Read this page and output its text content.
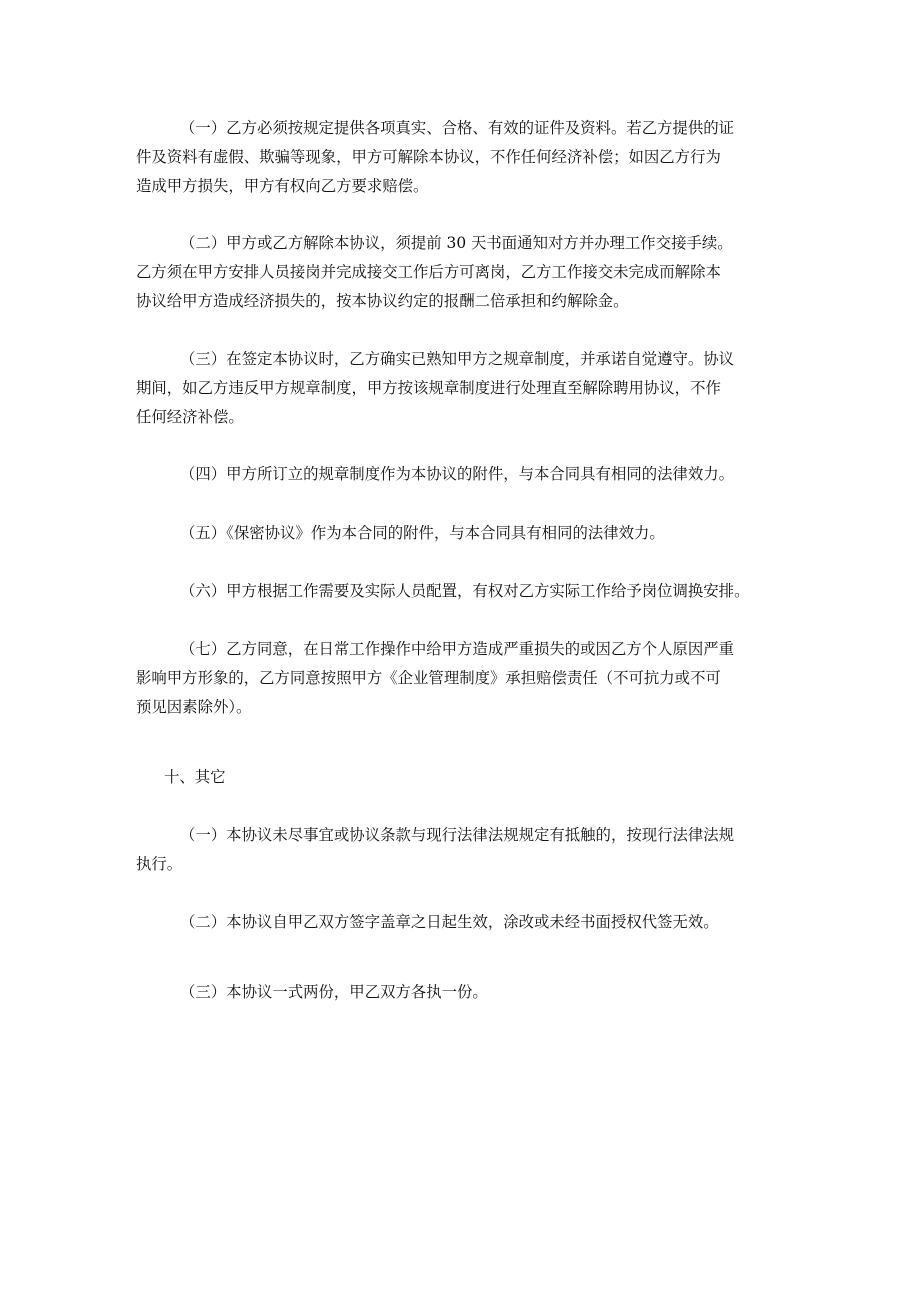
（一）乙方必须按规定提供各项真实、合格、有效的证件及资料。若乙方提供的证
件及资料有虚假、欺骗等现象，甲方可解除本协议，不作任何经济补偿；如因乙方行为
造成甲方损失，甲方有权向乙方要求赔偿。

（二）甲方或乙方解除本协议，须提前 30 天书面通知对方并办理工作交接手续。
乙方须在甲方安排人员接岗并完成接交工作后方可离岗，乙方工作接交未完成而解除本
协议给甲方造成经济损失的，按本协议约定的报酬二倍承担和约解除金。

（三）在签定本协议时，乙方确实已熟知甲方之规章制度，并承诺自觉遵守。协议
期间，如乙方违反甲方规章制度，甲方按该规章制度进行处理直至解除聘用协议，不作
任何经济补偿。

（四）甲方所订立的规章制度作为本协议的附件，与本合同具有相同的法律效力。

（五）《保密协议》作为本合同的附件，与本合同具有相同的法律效力。

（六）甲方根据工作需要及实际人员配置，有权对乙方实际工作给予岗位调换安排。

（七）乙方同意，在日常工作操作中给甲方造成严重损失的或因乙方个人原因严重
影响甲方形象的，乙方同意按照甲方《企业管理制度》承担赔偿责任（不可抗力或不可
预见因素除外）。

十、其它

（一）本协议未尽事宜或协议条款与现行法律法规规定有抵触的，按现行法律法规
执行。

（二）本协议自甲乙双方签字盖章之日起生效，涂改或未经书面授权代签无效。

（三）本协议一式两份，甲乙双方各执一份。
